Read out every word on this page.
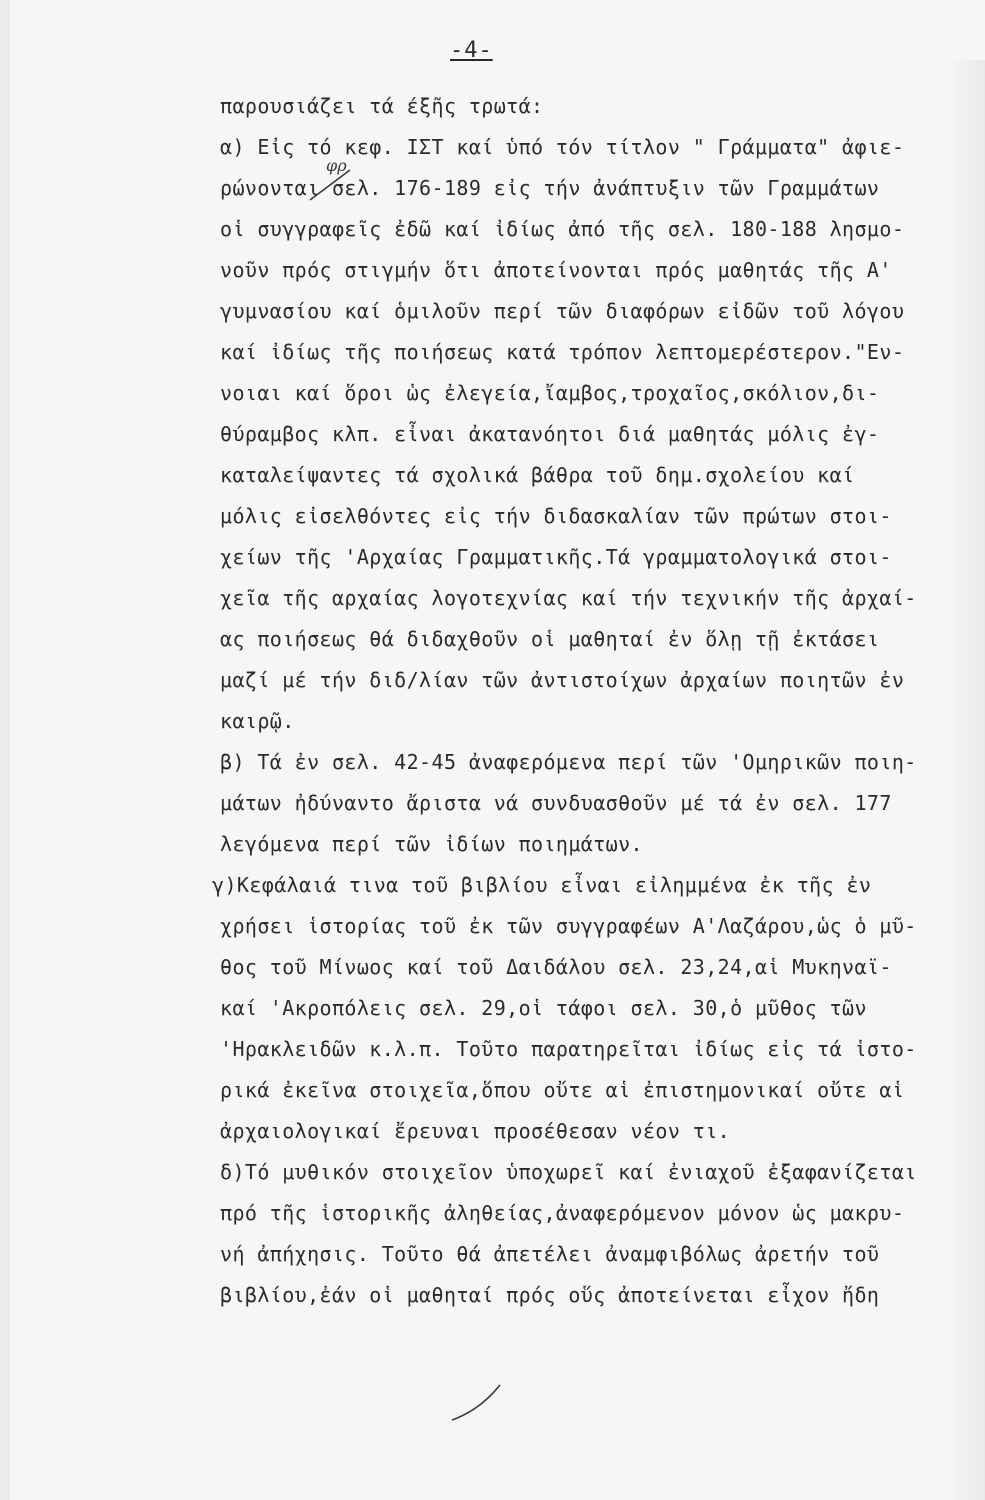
-4-
παρουσιάζει τά έξῆς τρωτά:
α) Εἰς τό κεφ. ΙΣΤ καί ὑπό τόν τίτλον " Γράμματα" ἀφιε-
ρώνονται σελ. 176-189 εἰς τήν ἀνάπτυξιν τῶν Γραμμάτων
οἱ συγγραφεῖς ἐδῶ καί ἰδίως ἀπό τῆς σελ. 180-188 λησμο-
νοῦν πρός στιγμήν ὅτι ἀποτείνονται πρός μαθητάς τῆς Α'
γυμνασίου καί ὁμιλοῦν περί τῶν διαφόρων εἰδῶν τοῦ λόγου
καί ἰδίως τῆς ποιήσεως κατά τρόπον λεπτομερέστερον."Εν-
νοιαι καί ὅροι ὡς ἐλεγεία,ἴαμβος,τροχαῖος,σκόλιον,δι-
θύραμβος κλπ. εἶναι ἀκατανόητοι διά μαθητάς μόλις ἐγ-
καταλείψαντες τά σχολικά βάθρα τοῦ δημ.σχολείου καί
μόλις εἰσελθόντες εἰς τήν διδασκαλίαν τῶν πρώτων στοι-
χείων τῆς 'Αρχαίας Γραμματικῆς.Τά γραμματολογικά στοι-
χεῖα τῆς αρχαίας λογοτεχνίας καί τήν τεχνικήν τῆς ἀρχαί-
ας ποιήσεως θά διδαχθοῦν οἱ μαθηταί ἐν ὅλῃ τῇ ἐκτάσει
μαζί μέ τήν διδ/λίαν τῶν ἀντιστοίχων ἀρχαίων ποιητῶν ἐν
καιρῷ.
β) Τά ἐν σελ. 42-45 ἀναφερόμενα περί τῶν 'Ομηρικῶν ποιη-
μάτων ἠδύναντο ἄριστα νά συνδυασθοῦν μέ τά ἐν σελ. 177
λεγόμενα περί τῶν ἰδίων ποιημάτων.
γ)Κεφάλαιά τινα τοῦ βιβλίου εἶναι εἰλημμένα ἐκ τῆς ἐν
χρήσει ἱστορίας τοῦ ἐκ τῶν συγγραφέων Α'Λαζάρου,ὡς ὁ μῦ-
θος τοῦ Μίνωος καί τοῦ Δαιδάλου σελ. 23,24,αἱ Μυκηναϊ-
καί 'Ακροπόλεις σελ. 29,οἱ τάφοι σελ. 30,ὁ μῦθος τῶν
'Ηρακλειδῶν κ.λ.π. Τοῦτο παρατηρεῖται ἰδίως εἰς τά ἱστο-
ρικά ἐκεῖνα στοιχεῖα,ὅπου οὔτε αἱ ἐπιστημονικαί οὔτε αἱ
ἀρχαιολογικαί ἔρευναι προσέθεσαν νέον τι.
δ)Τό μυθικόν στοιχεῖον ὑποχωρεῖ καί ἐνιαχοῦ ἐξαφανίζεται
πρό τῆς ἱστορικῆς ἀληθείας,ἀναφερόμενον μόνον ὡς μακρυ-
νή ἀπήχησις. Τοῦτο θά ἀπετέλει ἀναμφιβόλως ἀρετήν τοῦ
βιβλίου,ἐάν οἱ μαθηταί πρός οὕς ἀποτείνεται εἶχον ἤδη
φρ
